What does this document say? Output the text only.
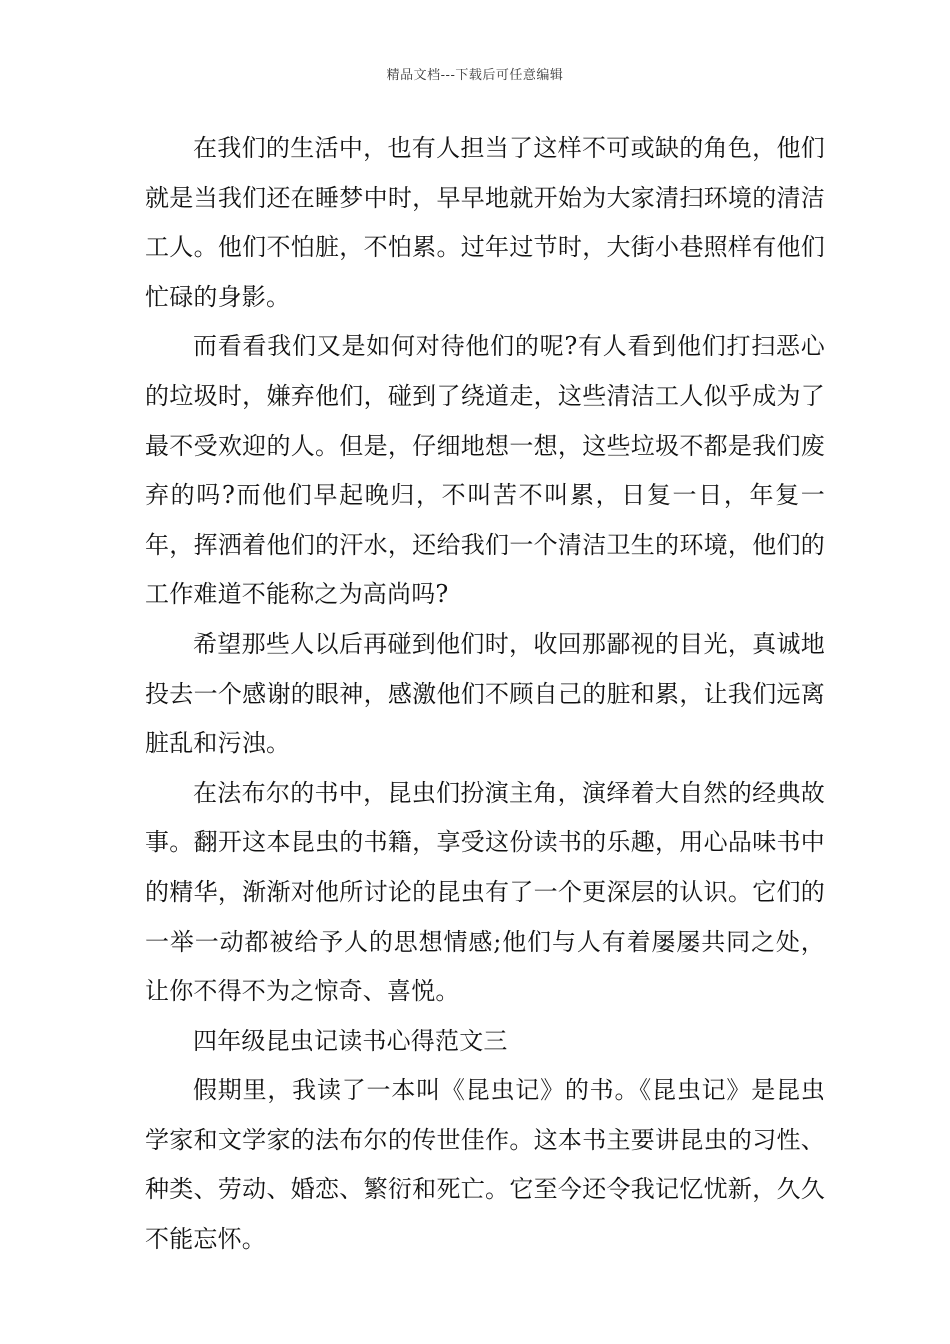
精品文档---下载后可任意编辑

在我们的生活中，也有人担当了这样不可或缺的角色，他们就是当我们还在睡梦中时，早早地就开始为大家清扫环境的清洁工人。他们不怕脏，不怕累。过年过节时，大街小巷照样有他们忙碌的身影。

而看看我们又是如何对待他们的呢?有人看到他们打扫恶心的垃圾时，嫌弃他们，碰到了绕道走，这些清洁工人似乎成为了最不受欢迎的人。但是，仔细地想一想，这些垃圾不都是我们废弃的吗?而他们早起晚归，不叫苦不叫累，日复一日，年复一年，挥洒着他们的汗水，还给我们一个清洁卫生的环境，他们的工作难道不能称之为高尚吗?

希望那些人以后再碰到他们时，收回那鄙视的目光，真诚地投去一个感谢的眼神，感激他们不顾自己的脏和累，让我们远离脏乱和污浊。

在法布尔的书中，昆虫们扮演主角，演绎着大自然的经典故事。翻开这本昆虫的书籍，享受这份读书的乐趣，用心品味书中的精华，渐渐对他所讨论的昆虫有了一个更深层的认识。它们的一举一动都被给予人的思想情感;他们与人有着屡屡共同之处，让你不得不为之惊奇、喜悦。

四年级昆虫记读书心得范文三

假期里，我读了一本叫《昆虫记》的书。《昆虫记》是昆虫学家和文学家的法布尔的传世佳作。这本书主要讲昆虫的习性、种类、劳动、婚恋、繁衍和死亡。它至今还令我记忆忧新，久久不能忘怀。
